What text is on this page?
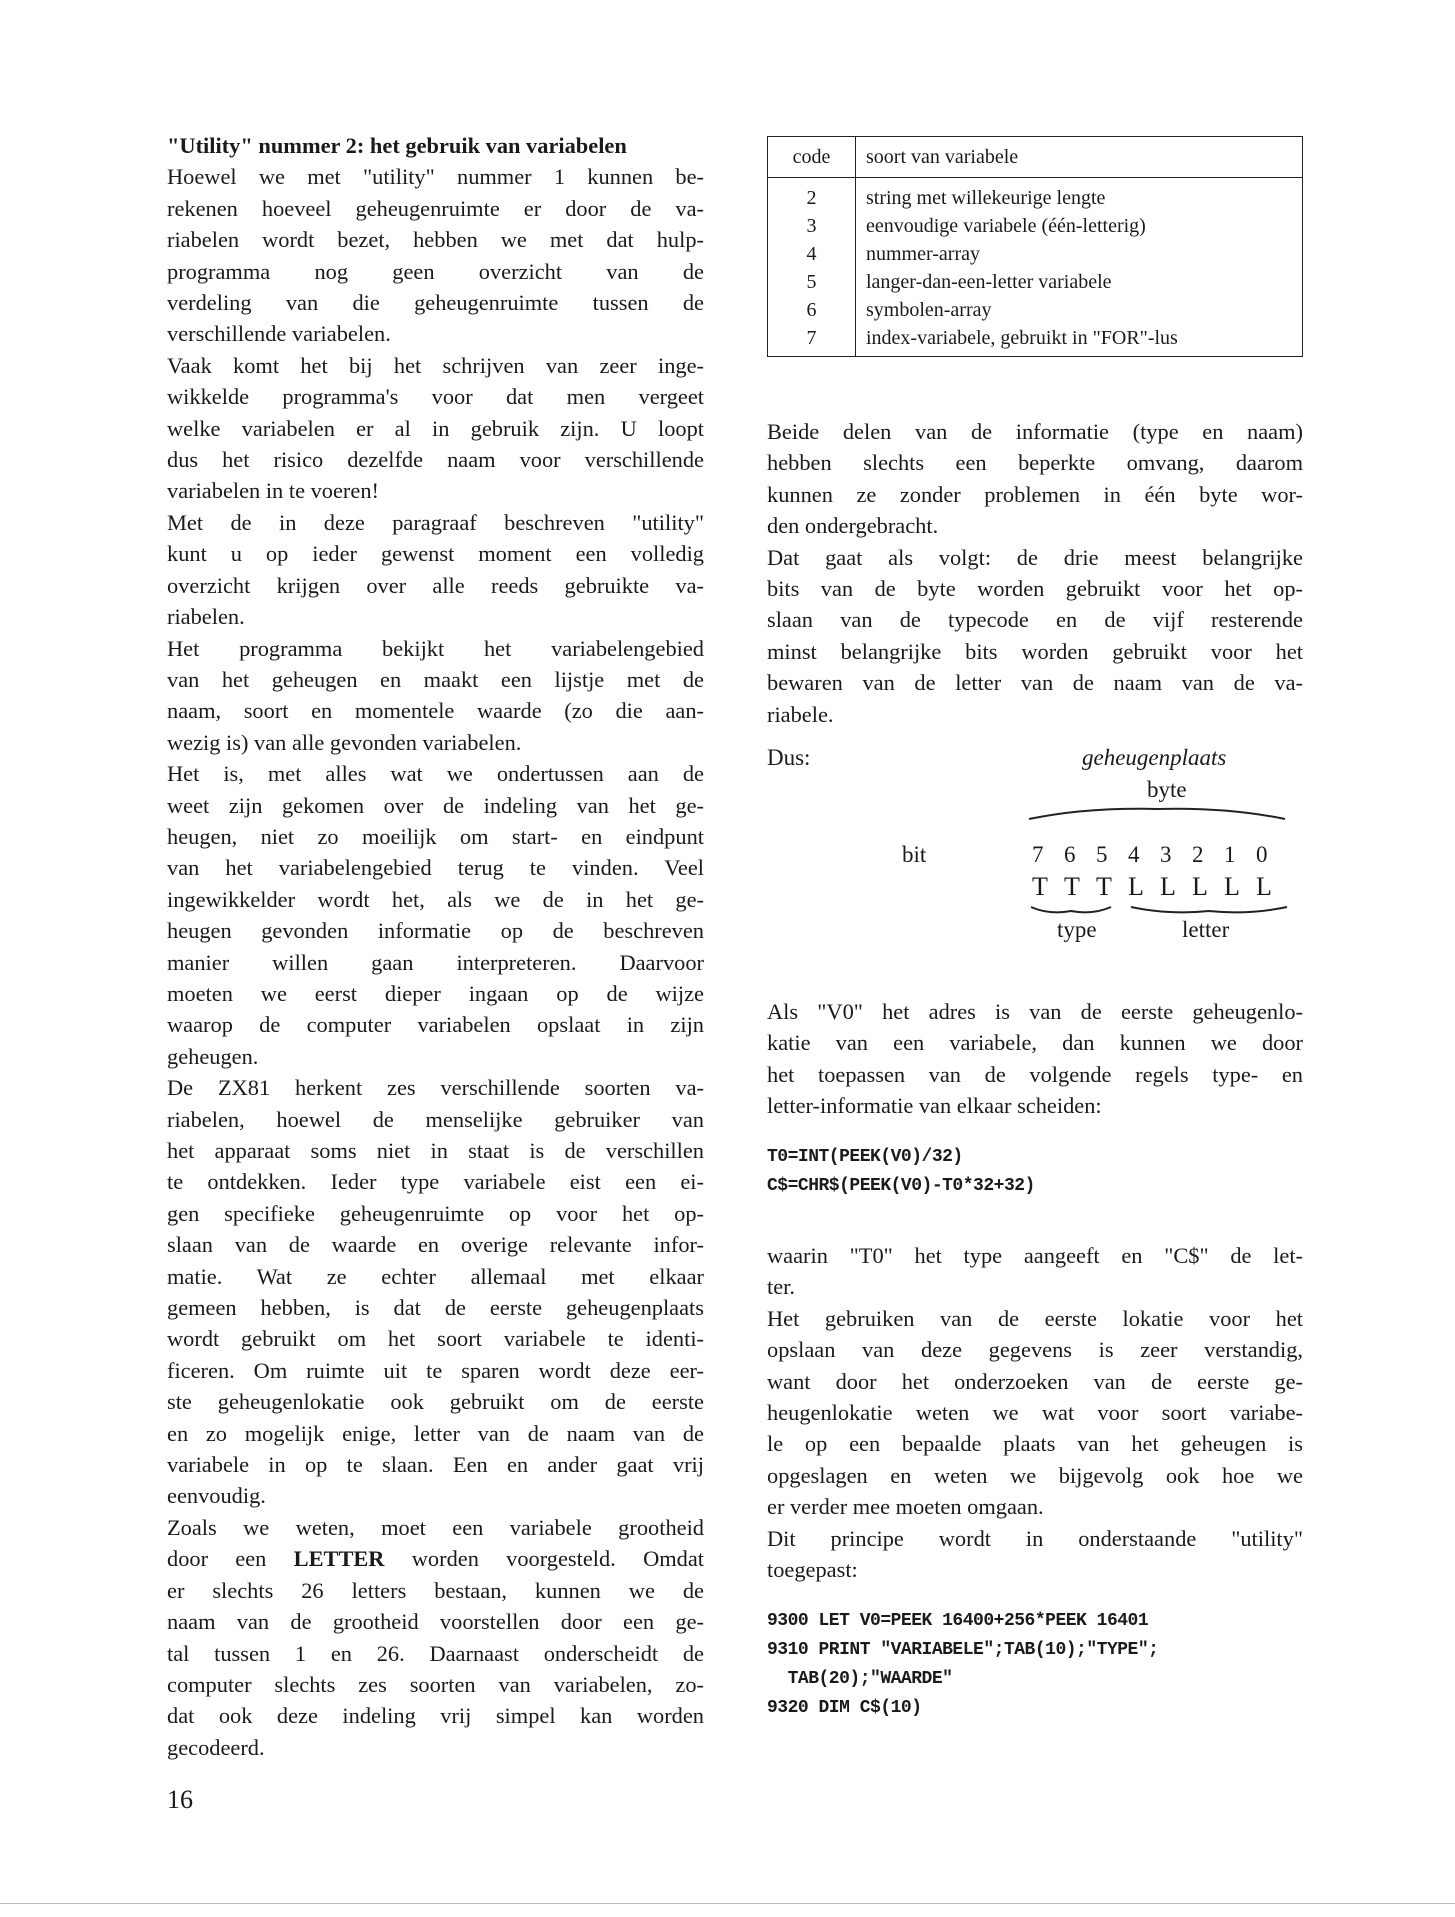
"Utility" nummer 2: het gebruik van variabelen

Hoewel we met "utility" nummer 1 kunnen be-
rekenen hoeveel geheugenruimte er door de va-
riabelen wordt bezet, hebben we met dat hulp-
programma nog geen overzicht van de
verdeling van die geheugenruimte tussen de
verschillende variabelen.

Vaak komt het bij het schrijven van zeer inge-
wikkelde programma's voor dat men vergeet
welke variabelen er al in gebruik zijn. U loopt
dus het risico dezelfde naam voor verschillende
variabelen in te voeren!

Met de in deze paragraaf beschreven "utility"
kunt u op ieder gewenst moment een volledig
overzicht krijgen over alle reeds gebruikte va-
riabelen.

Het programma bekijkt het variabelengebied
van het geheugen en maakt een lijstje met de
naam, soort en momentele waarde (zo die aan-
wezig is) van alle gevonden variabelen.

Het is, met alles wat we ondertussen aan de
weet zijn gekomen over de indeling van het ge-
heugen, niet zo moeilijk om start- en eindpunt
van het variabelengebied terug te vinden. Veel
ingewikkelder wordt het, als we de in het ge-
heugen gevonden informatie op de beschreven
manier willen gaan interpreteren. Daarvoor
moeten we eerst dieper ingaan op de wijze
waarop de computer variabelen opslaat in zijn
geheugen.

De ZX81 herkent zes verschillende soorten va-
riabelen, hoewel de menselijke gebruiker van
het apparaat soms niet in staat is de verschillen
te ontdekken. Ieder type variabele eist een ei-
gen specifieke geheugenruimte op voor het op-
slaan van de waarde en overige relevante infor-
matie. Wat ze echter allemaal met elkaar
gemeen hebben, is dat de eerste geheugenplaats
wordt gebruikt om het soort variabele te identi-
ficeren. Om ruimte uit te sparen wordt deze eer-
ste geheugenlokatie ook gebruikt om de eerste
en zo mogelijk enige, letter van de naam van de
variabele in op te slaan. Een en ander gaat vrij
eenvoudig.

Zoals we weten, moet een variabele grootheid
door een LETTER worden voorgesteld. Omdat
er slechts 26 letters bestaan, kunnen we de
naam van de grootheid voorstellen door een ge-
tal tussen 1 en 26. Daarnaast onderscheidt de
computer slechts zes soorten van variabelen, zo-
dat ook deze indeling vrij simpel kan worden
gecodeerd.

code	soort van variabele
2	string met willekeurige lengte
3	eenvoudige variabele (één-letterig)
4	nummer-array
5	langer-dan-een-letter variabele
6	symbolen-array
7	index-variabele, gebruikt in "FOR"-lus

Beide delen van de informatie (type en naam)
hebben slechts een beperkte omvang, daarom
kunnen ze zonder problemen in één byte wor-
den ondergebracht.

Dat gaat als volgt: de drie meest belangrijke
bits van de byte worden gebruikt voor het op-
slaan van de typecode en de vijf resterende
minst belangrijke bits worden gebruikt voor het
bewaren van de letter van de naam van de va-
riabele.

Dus:	geheugenplaats
byte
bit	7 6 5 4 3 2 1 0
T T T L L L L L
type	letter

Als "V0" het adres is van de eerste geheugenlo-
katie van een variabele, dan kunnen we door
het toepassen van de volgende regels type- en
letter-informatie van elkaar scheiden:

T0=INT(PEEK(V0)/32)
C$=CHR$(PEEK(V0)-T0*32+32)

waarin "T0" het type aangeeft en "C$" de let-
ter.

Het gebruiken van de eerste lokatie voor het
opslaan van deze gegevens is zeer verstandig,
want door het onderzoeken van de eerste ge-
heugenlokatie weten we wat voor soort variabe-
le op een bepaalde plaats van het geheugen is
opgeslagen en weten we bijgevolg ook hoe we
er verder mee moeten omgaan.

Dit principe wordt in onderstaande "utility"
toegepast:

9300 LET V0=PEEK 16400+256*PEEK 16401
9310 PRINT "VARIABELE";TAB(10);"TYPE";
TAB(20);"WAARDE"
9320 DIM C$(10)
16
